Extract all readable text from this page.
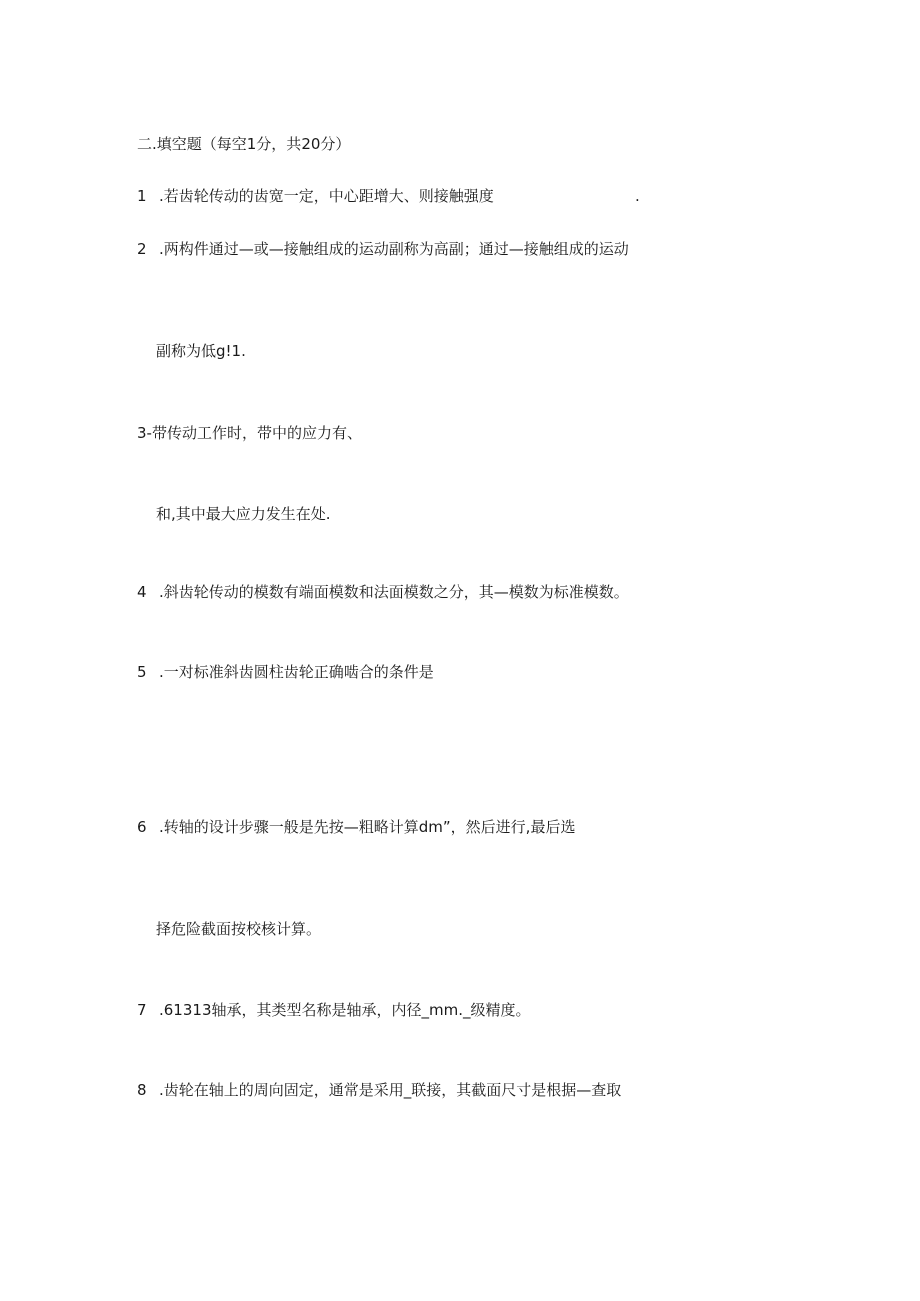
二.填空题（每空1分，共20分）
1 .若齿轮传动的齿宽一定，中心距增大、则接触强度	.
2 .两构件通过—或—接触组成的运动副称为高副；通过—接触组成的运动
副称为低g!1.
3-带传动工作时，带中的应力有、
和,其中最大应力发生在处.
4 .斜齿轮传动的模数有端面模数和法面模数之分，其—模数为标准模数。
5 .一对标准斜齿圆柱齿轮正确啮合的条件是
6 .转轴的设计步骤一般是先按—粗略计算dm”，然后进行,最后选
择危险截面按校核计算。
7 .61313轴承，其类型名称是轴承，内径_mm._级精度。
8 .齿轮在轴上的周向固定，通常是采用_联接，其截面尺寸是根据—查取
